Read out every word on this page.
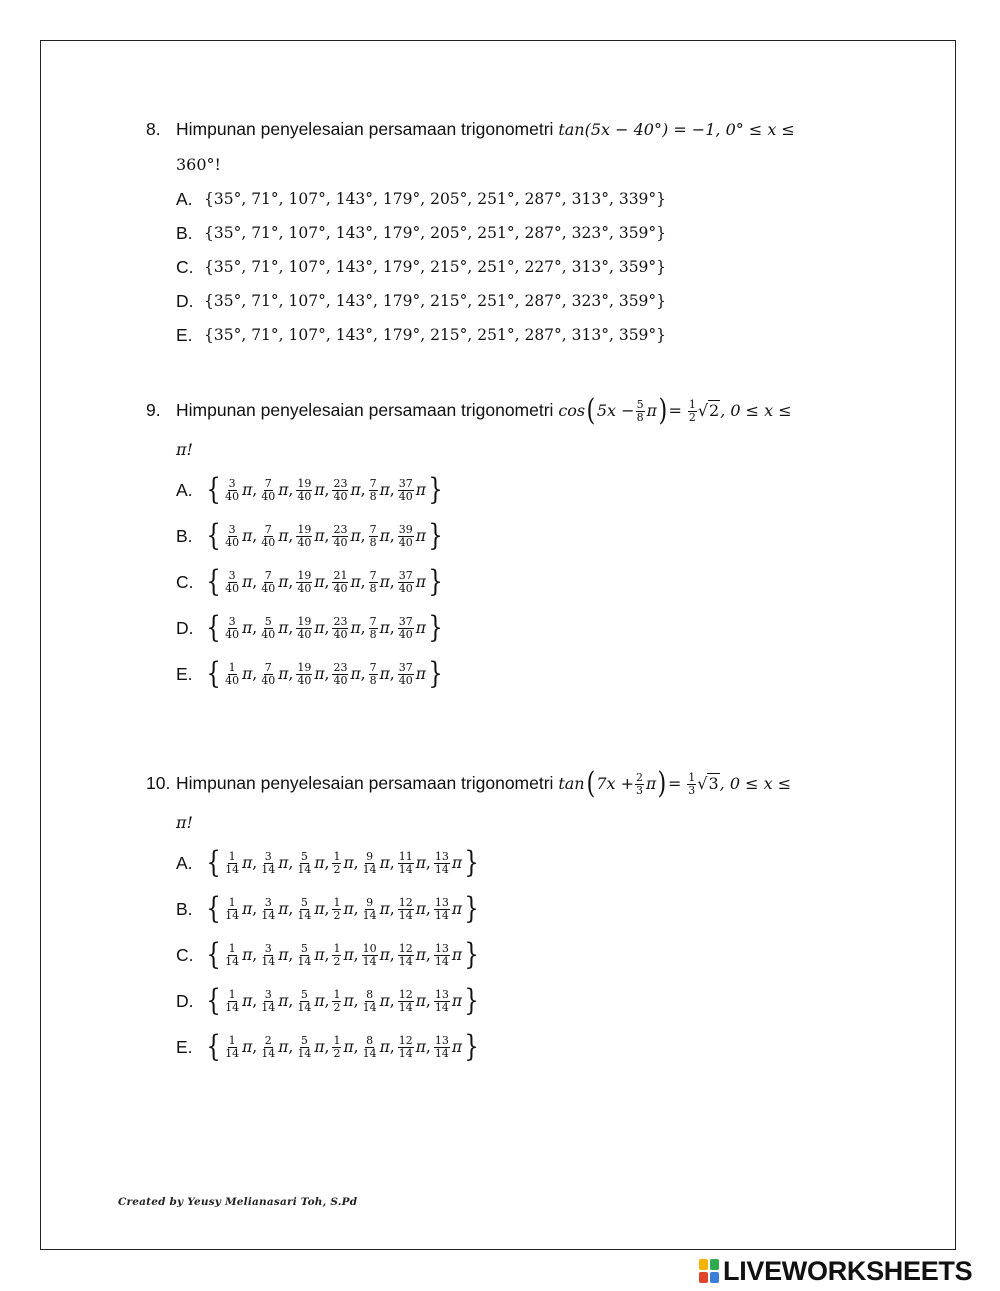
8. Himpunan penyelesaian persamaan trigonometri tan(5x − 40°) = −1, 0° ≤ x ≤
360°!
A. {35°, 71°, 107°, 143°, 179°, 205°, 251°, 287°, 313°, 339°}
B. {35°, 71°, 107°, 143°, 179°, 205°, 251°, 287°, 323°, 359°}
C. {35°, 71°, 107°, 143°, 179°, 215°, 251°, 227°, 313°, 359°}
D. {35°, 71°, 107°, 143°, 179°, 215°, 251°, 287°, 323°, 359°}
E. {35°, 71°, 107°, 143°, 179°, 215°, 251°, 287°, 313°, 359°}
9. Himpunan penyelesaian persamaan trigonometri cos ( $5x - \frac{5}{8}$ π ) =
$\frac{1}{2} √2$ , 0 ≤ x ≤
π!
A. { $\frac{3}{40}$ π , $\frac{7}{40}$ π , $\frac{19}{40}$ π , $\frac{23}{40}$ π , $\frac{7}{8}$ π , $\frac{37}{40}$ π }
B. { $\frac{3}{40}$ π , $\frac{7}{40}$ π , $\frac{19}{40}$ π , $\frac{23}{40}$ π , $\frac{7}{8}$ π , $\frac{39}{40}$ π }
C. { $\frac{3}{40}$ π , $\frac{7}{40}$ π , $\frac{19}{40}$ π , $\frac{21}{40}$ π , $\frac{7}{8}$ π , $\frac{37}{40}$ π }
D. { $\frac{3}{40}$ π , $\frac{5}{40}$ π , $\frac{19}{40}$ π , $\frac{23}{40}$ π , $\frac{7}{8}$ π , $\frac{37}{40}$ π }
E. { $\frac{1}{40}$ π , $\frac{7}{40}$ π , $\frac{19}{40}$ π , $\frac{23}{40}$ π , $\frac{7}{8}$ π , $\frac{37}{40}$ π }
10. Himpunan penyelesaian persamaan trigonometri tan ( $7x + \frac{2}{3}$ π ) =
$\frac{1}{3} √3$ , 0 ≤ x ≤
π!
A. { $\frac{1}{14}$ π , $\frac{3}{14}$ π , $\frac{5}{14}$ π , $\frac{1}{2}$ π , $\frac{9}{14}$ π , $\frac{11}{14}$ π , $\frac{13}{14}$ π }
B. { $\frac{1}{14}$ π , $\frac{3}{14}$ π , $\frac{5}{14}$ π , $\frac{1}{2}$ π , $\frac{9}{14}$ π , $\frac{12}{14}$ π , $\frac{13}{14}$ π }
C. { $\frac{1}{14}$ π , $\frac{3}{14}$ π , $\frac{5}{14}$ π , $\frac{1}{2}$ π , $\frac{10}{14}$ π , $\frac{12}{14}$ π , $\frac{13}{14}$ π }
D. { $\frac{1}{14}$ π , $\frac{3}{14}$ π , $\frac{5}{14}$ π , $\frac{1}{2}$ π , $\frac{8}{14}$ π , $\frac{12}{14}$ π , $\frac{13}{14}$ π }
E. { $\frac{1}{14}$ π , $\frac{2}{14}$ π , $\frac{5}{14}$ π , $\frac{1}{2}$ π , $\frac{8}{14}$ π , $\frac{12}{14}$ π , $\frac{13}{14}$ π }
Created by Yeusy Melianasari Toh, S.Pd
LIVEWORKSHEETS
